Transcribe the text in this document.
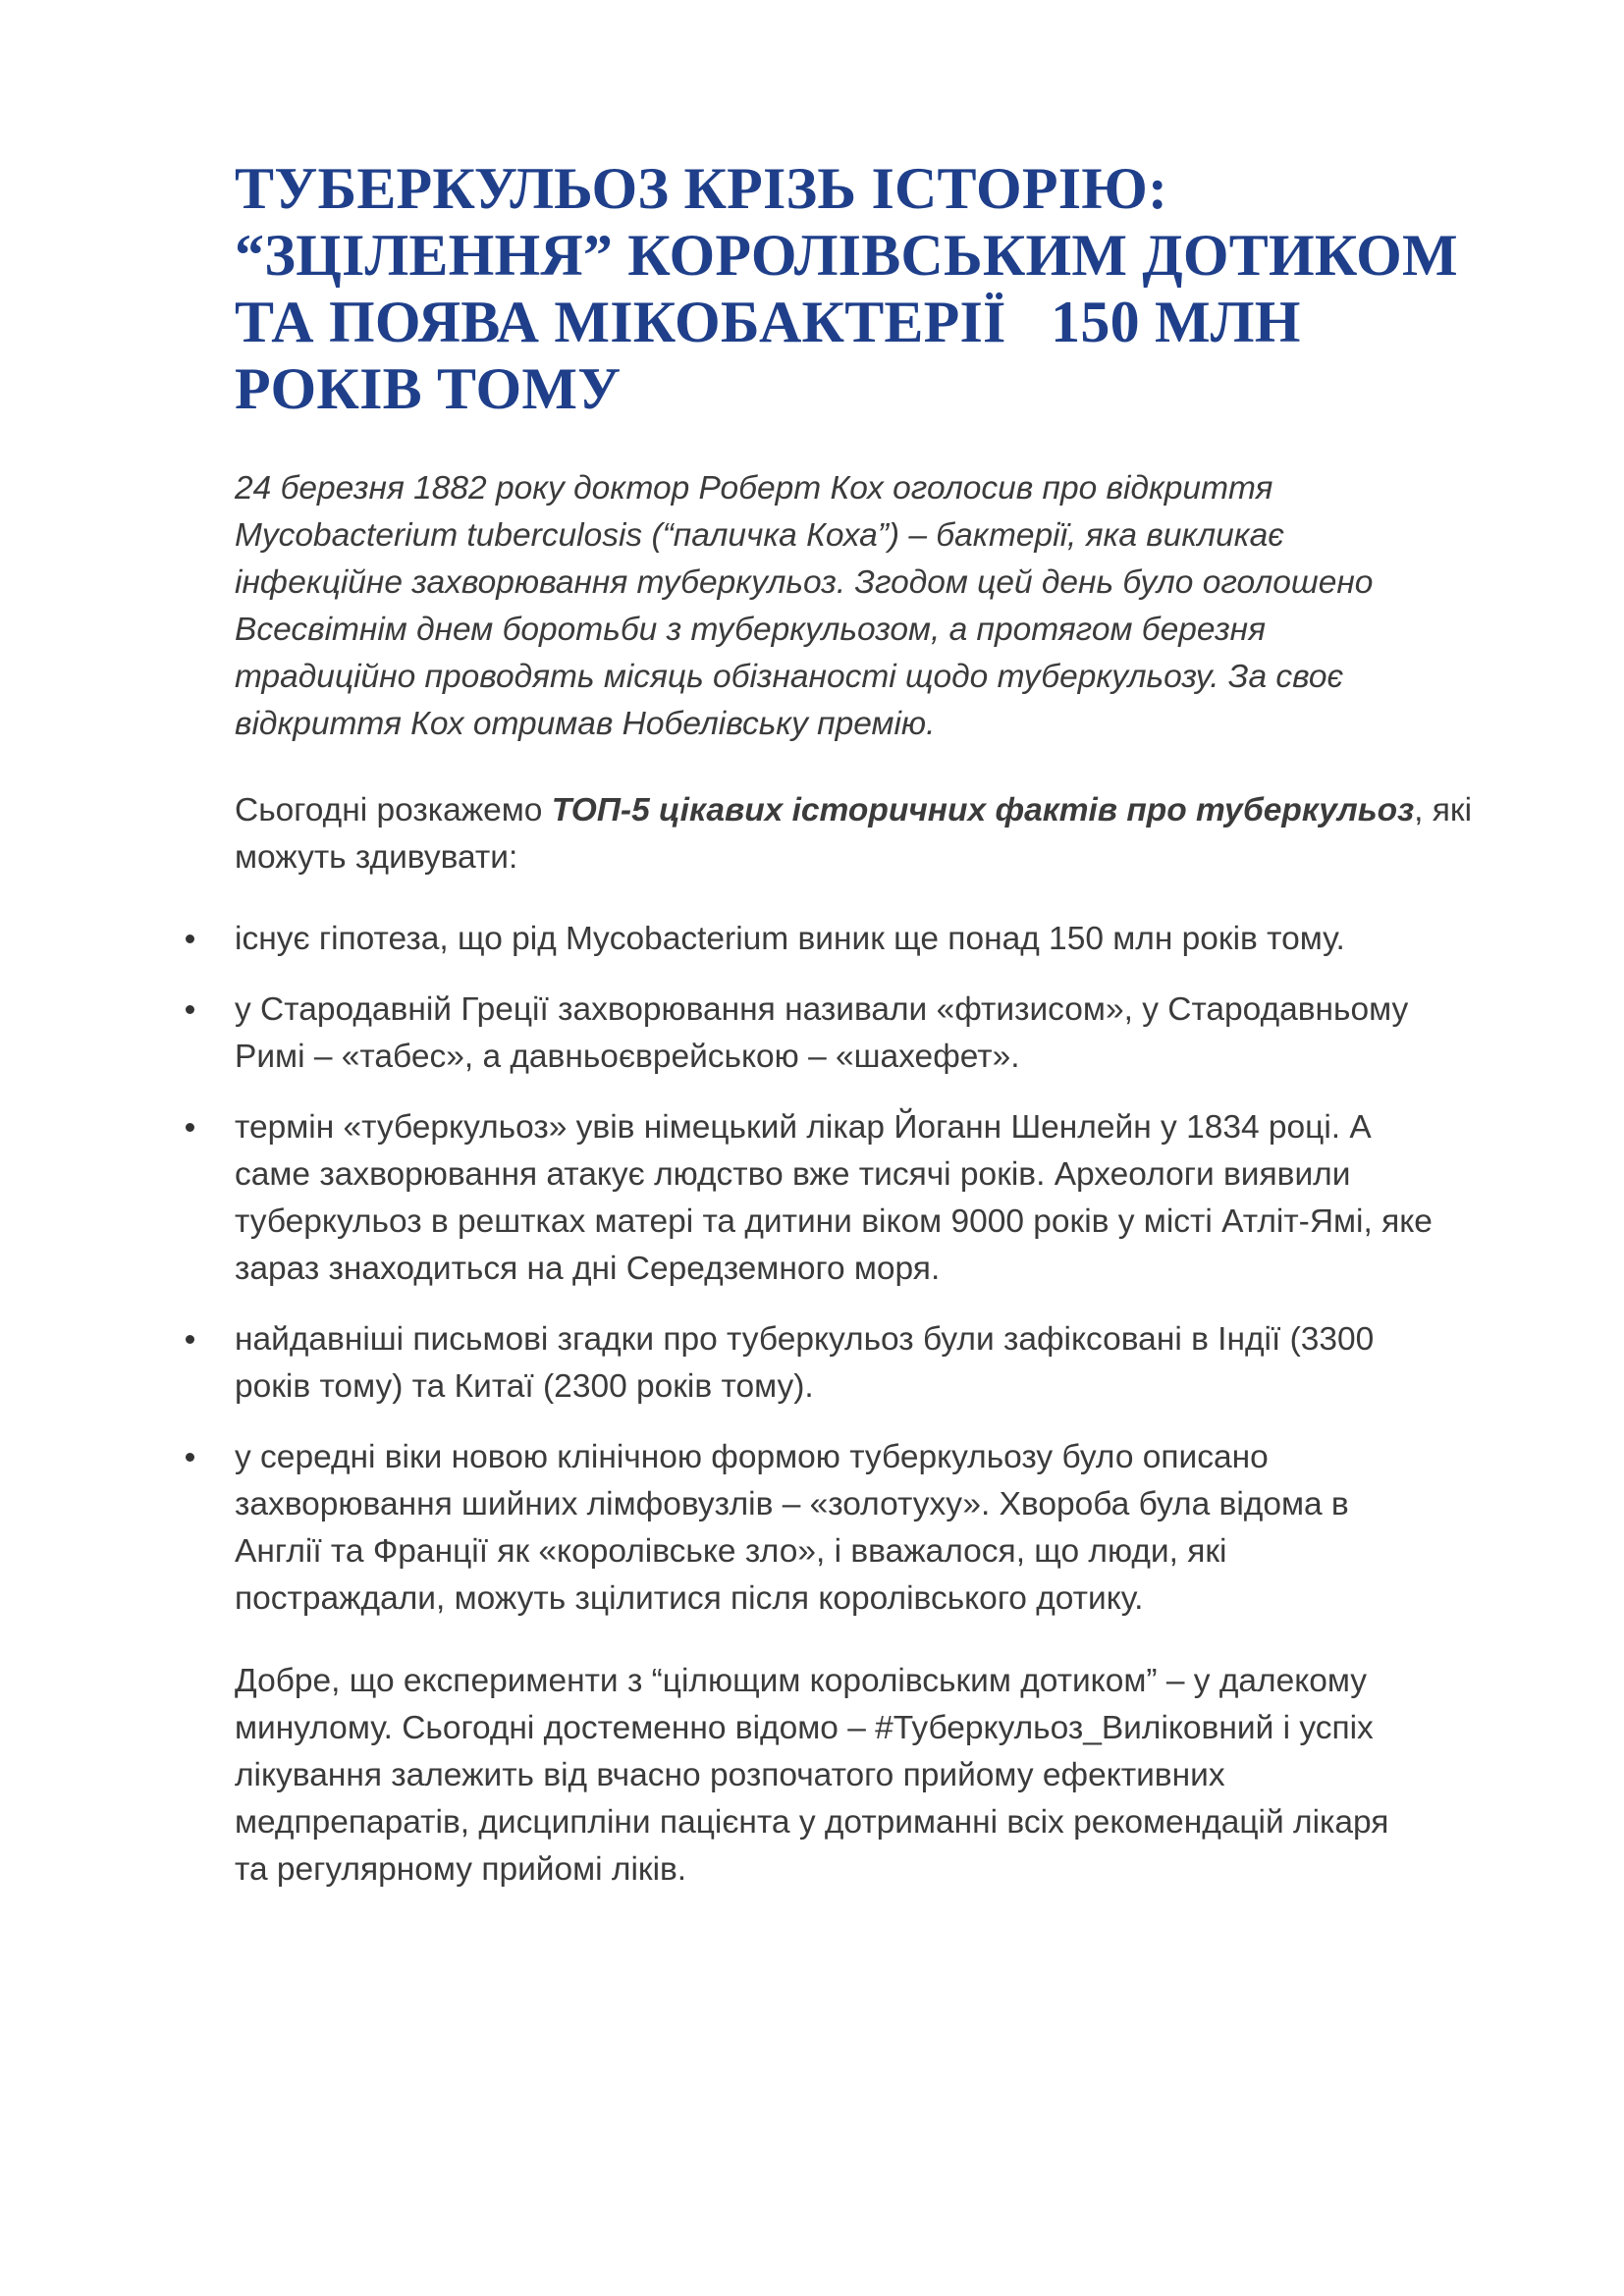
ТУБЕРКУЛЬОЗ КРІЗЬ ІСТОРІЮ:
“ЗЦІЛЕННЯ” КОРОЛІВСЬКИМ ДОТИКОМ
ТА ПОЯВА МІКОБАКТЕРІЇ   150 МЛН
РОКІВ ТОМУ

24 березня 1882 року доктор Роберт Кох оголосив про відкриття
Mycobacterium tuberculosis (“паличка Коха”) – бактерії, яка викликає
інфекційне захворювання туберкульоз. Згодом цей день було оголошено
Всесвітнім днем боротьби з туберкульозом, а протягом березня
традиційно проводять місяць обізнаності щодо туберкульозу. За своє
відкриття Кох отримав Нобелівську премію.

Сьогодні розкажемо ТОП-5 цікавих історичних фактів про туберкульоз, які
можуть здивувати:

існує гіпотеза, що рід Mycobacterium виник ще понад 150 млн років тому.
у Стародавній Греції захворювання називали «фтизисом», у Стародавньому
Римі – «табес», а давньоєврейською – «шахефет».
термін «туберкульоз» увів німецький лікар Йоганн Шенлейн у 1834 році. А
саме захворювання атакує людство вже тисячі років. Археологи виявили
туберкульоз в рештках матері та дитини віком 9000 років у місті Атліт-Ямі, яке
зараз знаходиться на дні Середземного моря.
найдавніші письмові згадки про туберкульоз були зафіксовані в Індії (3300
років тому) та Китаї (2300 років тому).
у середні віки новою клінічною формою туберкульозу було описано
захворювання шийних лімфовузлів – «золотуху». Хвороба була відома в
Англії та Франції як «королівське зло», і вважалося, що люди, які
постраждали, можуть зцілитися після королівського дотику.

Добре, що експерименти з “цілющим королівським дотиком” – у далекому
минулому. Сьогодні достеменно відомо – #Туберкульоз_Виліковний і успіх
лікування залежить від вчасно розпочатого прийому ефективних
медпрепаратів, дисципліни пацієнта у дотриманні всіх рекомендацій лікаря
та регулярному прийомі ліків.
